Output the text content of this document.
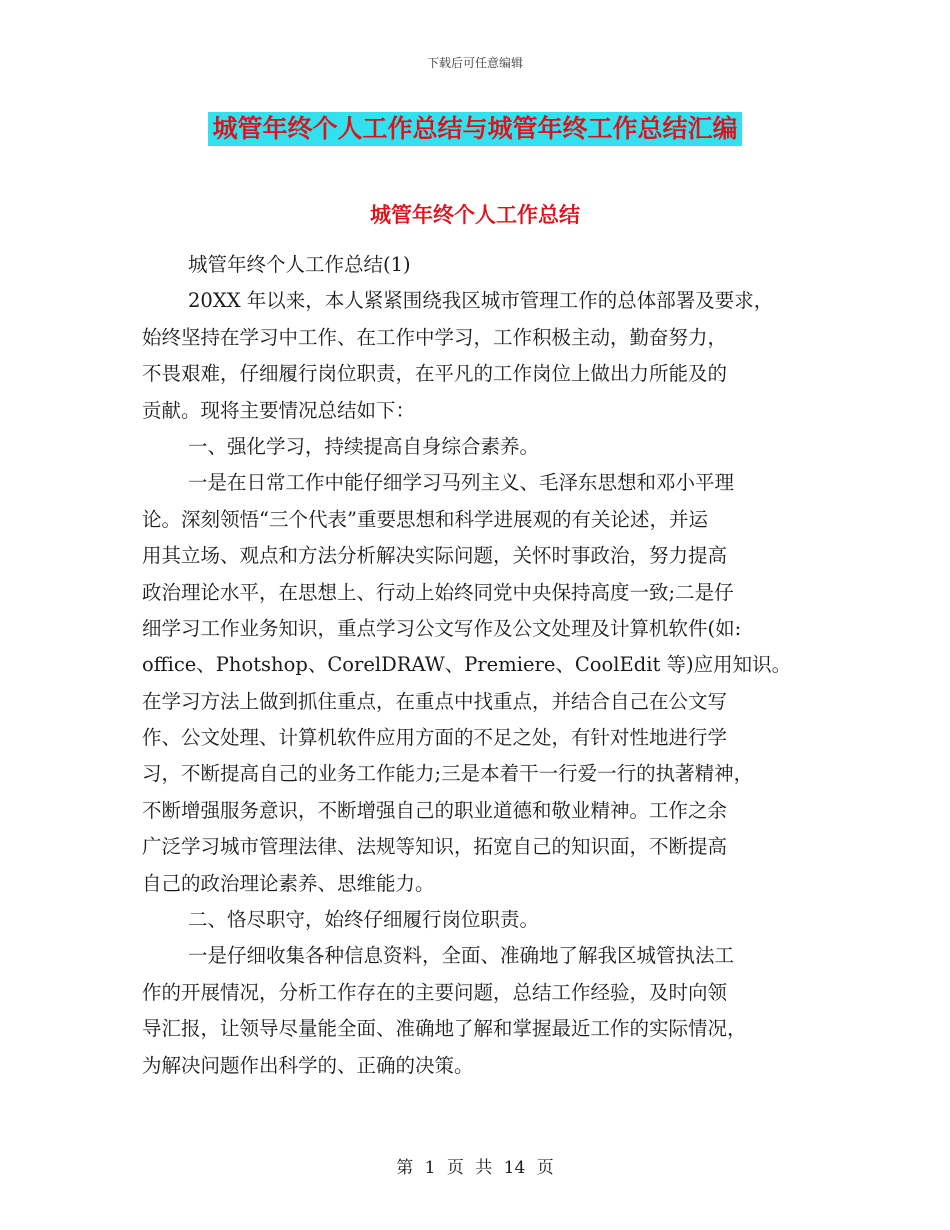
下载后可任意编辑
城管年终个人工作总结与城管年终工作总结汇编
城管年终个人工作总结
城管年终个人工作总结(1)
20XX 年以来，本人紧紧围绕我区城市管理工作的总体部署及要求，
始终坚持在学习中工作、在工作中学习，工作积极主动，勤奋努力，
不畏艰难，仔细履行岗位职责，在平凡的工作岗位上做出力所能及的
贡献。现将主要情况总结如下：
一、强化学习，持续提高自身综合素养。
一是在日常工作中能仔细学习马列主义、毛泽东思想和邓小平理
论。深刻领悟“三个代表”重要思想和科学进展观的有关论述，并运
用其立场、观点和方法分析解决实际问题，关怀时事政治，努力提高
政治理论水平，在思想上、行动上始终同党中央保持高度一致;二是仔
细学习工作业务知识，重点学习公文写作及公文处理及计算机软件(如:
office、Photshop、CorelDRAW、Premiere、CoolEdit 等)应用知识。
在学习方法上做到抓住重点，在重点中找重点，并结合自己在公文写
作、公文处理、计算机软件应用方面的不足之处，有针对性地进行学
习，不断提高自己的业务工作能力;三是本着干一行爱一行的执著精神，
不断增强服务意识，不断增强自己的职业道德和敬业精神。工作之余
广泛学习城市管理法律、法规等知识，拓宽自己的知识面，不断提高
自己的政治理论素养、思维能力。
二、恪尽职守，始终仔细履行岗位职责。
一是仔细收集各种信息资料，全面、准确地了解我区城管执法工
作的开展情况，分析工作存在的主要问题，总结工作经验，及时向领
导汇报，让领导尽量能全面、准确地了解和掌握最近工作的实际情况，
为解决问题作出科学的、正确的决策。
第 1 页 共 14 页
